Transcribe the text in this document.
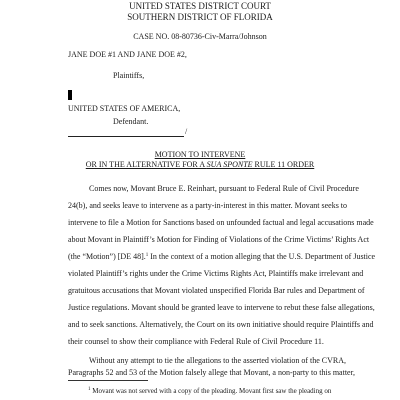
UNITED STATES DISTRICT COURT
SOUTHERN DISTRICT OF FLORIDA
CASE NO. 08-80736-Civ-Marra/Johnson
JANE DOE #1 AND JANE DOE #2,
Plaintiffs,
UNITED STATES OF AMERICA,
Defendant.
/
MOTION TO INTERVENE
OR IN THE ALTERNATIVE FOR A SUA SPONTE RULE 11 ORDER
Comes now, Movant Bruce E. Reinhart, pursuant to Federal Rule of Civil Procedure
24(b), and seeks leave to intervene as a party-in-interest in this matter. Movant seeks to
intervene to file a Motion for Sanctions based on unfounded factual and legal accusations made
about Movant in Plaintiff’s Motion for Finding of Violations of the Crime Victims’ Rights Act
(the “Motion”) [DE 48].$^1$ In the context of a motion alleging that the U.S. Department of Justice
violated Plaintiff’s rights under the Crime Victims Rights Act, Plaintiffs make irrelevant and
gratuitous accusations that Movant violated unspecified Florida Bar rules and Department of
Justice regulations. Movant should be granted leave to intervene to rebut these false allegations,
and to seek sanctions. Alternatively, the Court on its own initiative should require Plaintiffs and
their counsel to show their compliance with Federal Rule of Civil Procedure 11.
Without any attempt to tie the allegations to the asserted violation of the CVRA,
Paragraphs 52 and 53 of the Motion falsely allege that Movant, a non-party to this matter,
$^1$ Movant was not served with a copy of the pleading. Movant first saw the pleading on
